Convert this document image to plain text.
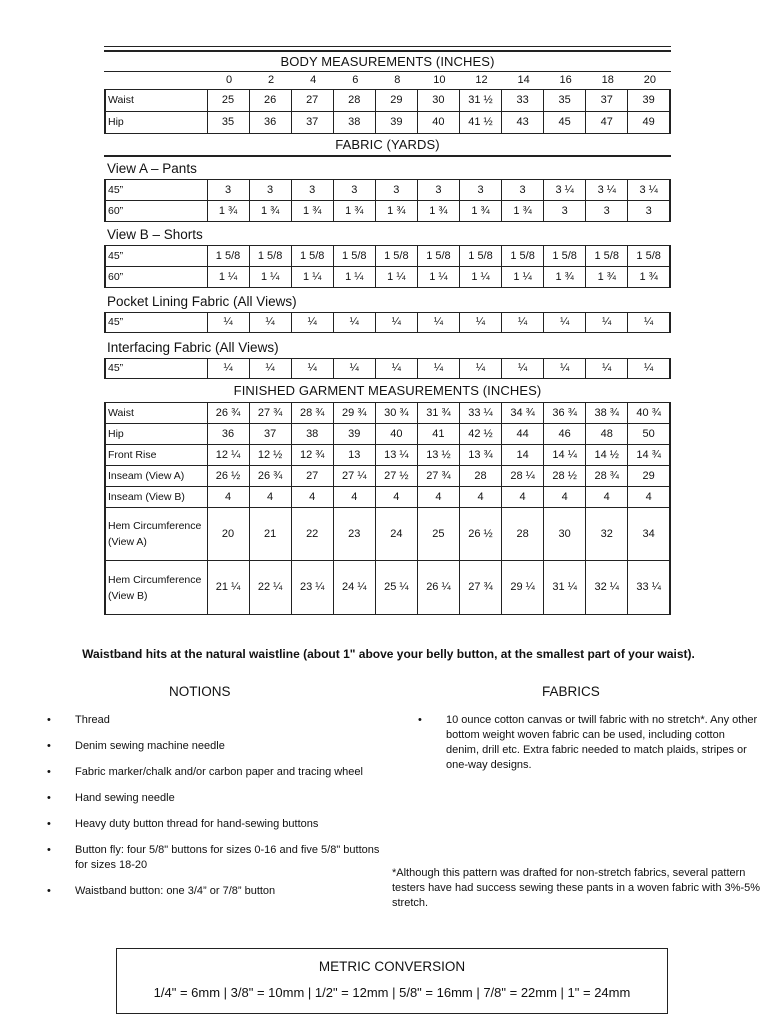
BODY MEASUREMENTS (INCHES)
	0	2	4	6	8	10	12	14	16	18	20
Waist	25	26	27	28	29	30	31 ½	33	35	37	39
Hip	35	36	37	38	39	40	41 ½	43	45	47	49
FABRIC (YARDS)
View A – Pants
45”	3	3	3	3	3	3	3	3	3 ¼	3 ¼	3 ¼
60”	1 ¾	1 ¾	1 ¾	1 ¾	1 ¾	1 ¾	1 ¾	1 ¾	3	3	3
View B – Shorts
45”	1 5/8	1 5/8	1 5/8	1 5/8	1 5/8	1 5/8	1 5/8	1 5/8	1 5/8	1 5/8	1 5/8
60”	1 ¼	1 ¼	1 ¼	1 ¼	1 ¼	1 ¼	1 ¼	1 ¼	1 ¾	1 ¾	1 ¾
Pocket Lining Fabric (All Views)
45”	¼	¼	¼	¼	¼	¼	¼	¼	¼	¼	¼
Interfacing Fabric (All Views)
45”	¼	¼	¼	¼	¼	¼	¼	¼	¼	¼	¼
FINISHED GARMENT MEASUREMENTS (INCHES)
Waist	26 ¾	27 ¾	28 ¾	29 ¾	30 ¾	31 ¾	33 ¼	34 ¾	36 ¾	38 ¾	40 ¾
Hip	36	37	38	39	40	41	42 ½	44	46	48	50
Front Rise	12 ¼	12 ½	12 ¾	13	13 ¼	13 ½	13 ¾	14	14 ¼	14 ½	14 ¾
Inseam (View A)	26 ½	26 ¾	27	27 ¼	27 ½	27 ¾	28	28 ¼	28 ½	28 ¾	29
Inseam (View B)	4	4	4	4	4	4	4	4	4	4	4
Hem Circumference (View A)	20	21	22	23	24	25	26 ½	28	30	32	34
Hem Circumference (View B)	21 ¼	22 ¼	23 ¼	24 ¼	25 ¼	26 ¼	27 ¾	29 ¼	31 ¼	32 ¼	33 ¼
Waistband hits at the natural waistline (about 1" above your belly button, at the smallest part of your waist).
NOTIONS	FABRICS
• Thread
• Denim sewing machine needle
• Fabric marker/chalk and/or carbon paper and tracing wheel
• Hand sewing needle
• Heavy duty button thread for hand-sewing buttons
• Button fly: four 5/8" buttons for sizes 0-16 and five 5/8" buttons for sizes 18-20
• Waistband button: one 3/4” or 7/8” button
• 10 ounce cotton canvas or twill fabric with no stretch*. Any other bottom weight woven fabric can be used, including cotton denim, drill etc. Extra fabric needed to match plaids, stripes or one-way designs.
*Although this pattern was drafted for non-stretch fabrics, several pattern testers have had success sewing these pants in a woven fabric with 3%-5% stretch.
METRIC CONVERSION
1/4" = 6mm | 3/8" = 10mm | 1/2" = 12mm | 5/8" = 16mm | 7/8" = 22mm | 1" = 24mm
